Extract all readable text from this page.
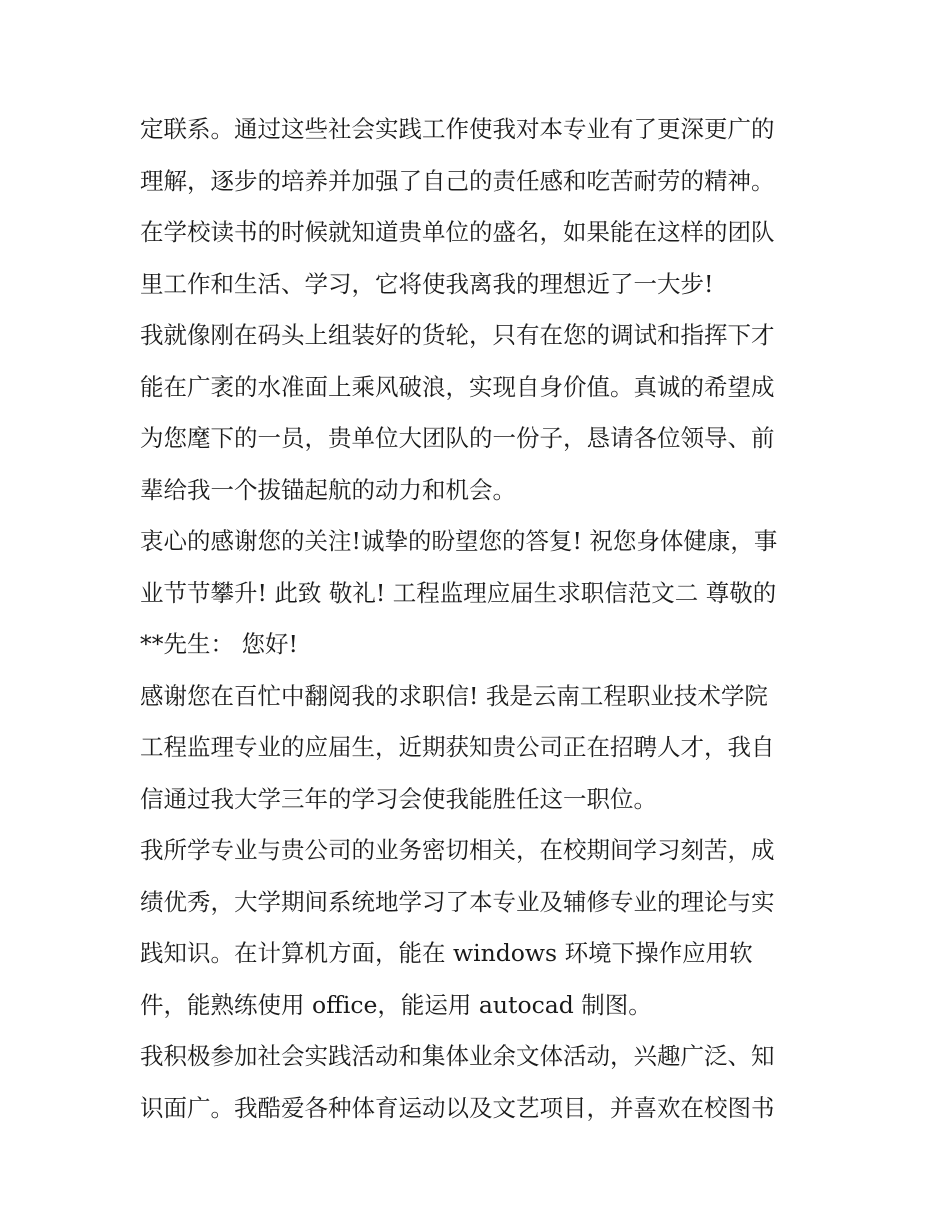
定联系。通过这些社会实践工作使我对本专业有了更深更广的
理解，逐步的培养并加强了自己的责任感和吃苦耐劳的精神。
在学校读书的时候就知道贵单位的盛名，如果能在这样的团队
里工作和生活、学习，它将使我离我的理想近了一大步!
我就像刚在码头上组装好的货轮，只有在您的调试和指挥下才
能在广袤的水准面上乘风破浪，实现自身价值。真诚的希望成
为您麾下的一员，贵单位大团队的一份子，恳请各位领导、前
辈给我一个拔锚起航的动力和机会。
衷心的感谢您的关注!诚挚的盼望您的答复! 祝您身体健康，事
业节节攀升! 此致 敬礼! 工程监理应届生求职信范文二 尊敬的
**先生： 您好!
感谢您在百忙中翻阅我的求职信! 我是云南工程职业技术学院
工程监理专业的应届生，近期获知贵公司正在招聘人才，我自
信通过我大学三年的学习会使我能胜任这一职位。
我所学专业与贵公司的业务密切相关，在校期间学习刻苦，成
绩优秀，大学期间系统地学习了本专业及辅修专业的理论与实
践知识。在计算机方面，能在 windows 环境下操作应用软
件，能熟练使用 office，能运用 autocad 制图。
我积极参加社会实践活动和集体业余文体活动，兴趣广泛、知
识面广。我酷爱各种体育运动以及文艺项目，并喜欢在校图书
